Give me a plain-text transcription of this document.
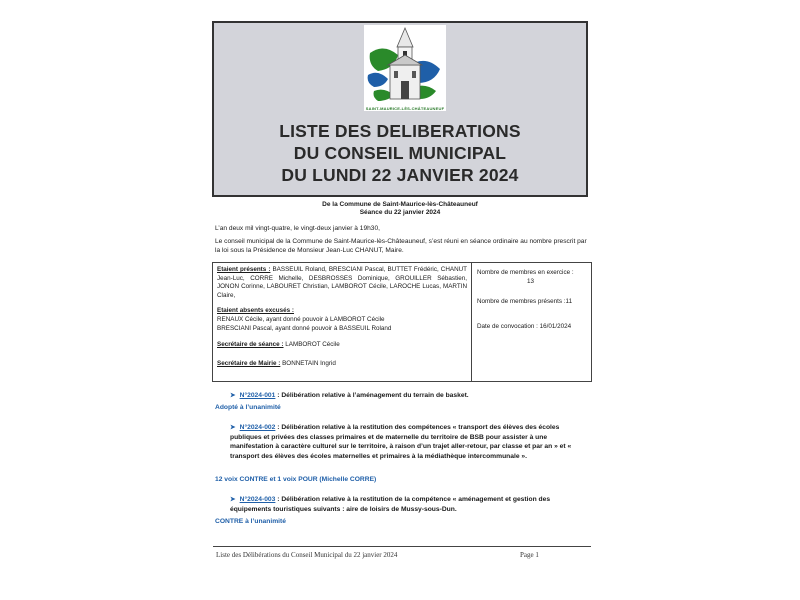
SAINT-MAURICE-LÈS-CHÂTEAUNEUF
LISTE DES DELIBERATIONS
DU CONSEIL MUNICIPAL
DU LUNDI 22 JANVIER 2024
De la Commune de Saint-Maurice-lès-Châteauneuf
Séance du 22 janvier 2024
L’an deux mil vingt-quatre, le vingt-deux janvier à 19h30,
Le conseil municipal de la Commune de Saint-Maurice-lès-Châteauneuf, s’est réuni en séance ordinaire au nombre prescrit par la loi sous la Présidence de Monsieur Jean-Luc CHANUT, Maire.
Etaient présents : BASSEUIL Roland, BRESCIANI Pascal, BUTTET Frédéric, CHANUT Jean-Luc, CORRE Michelle, DESBROSSES Dominique, GROUILLER Sébastien, JONON Corinne, LABOURET Christian, LAMBOROT Cécile, LAROCHE Lucas, MARTIN Claire,
Etaient absents excusés :
RENAUX Cécile, ayant donné pouvoir à LAMBOROT Cécile
BRESCIANI Pascal, ayant donné pouvoir à BASSEUIL Roland
Secrétaire de séance : LAMBOROT Cécile
Secrétaire de Mairie : BONNETAIN Ingrid
Nombre de membres en exercice :
13
Nombre de membres présents :11
Date de convocation : 16/01/2024
➤ N°2024-001 : Délibération relative à l’aménagement du terrain de basket.
Adopté à l’unanimité
➤ N°2024-002 : Délibération relative à la restitution des compétences « transport des élèves des écoles publiques et privées des classes primaires et de maternelle du territoire de BSB pour assister à une manifestation à caractère culturel sur le territoire, à raison d’un trajet aller-retour, par classe et par an » et « transport des élèves des écoles maternelles et primaires à la médiathèque intercommunale ».
12 voix CONTRE et 1 voix POUR (Michelle CORRE)
➤ N°2024-003 : Délibération relative à la restitution de la compétence « aménagement et gestion des équipements touristiques suivants : aire de loisirs de Mussy-sous-Dun.
CONTRE à l’unanimité
Liste des Délibérations du Conseil Municipal du 22 janvier 2024	Page 1
